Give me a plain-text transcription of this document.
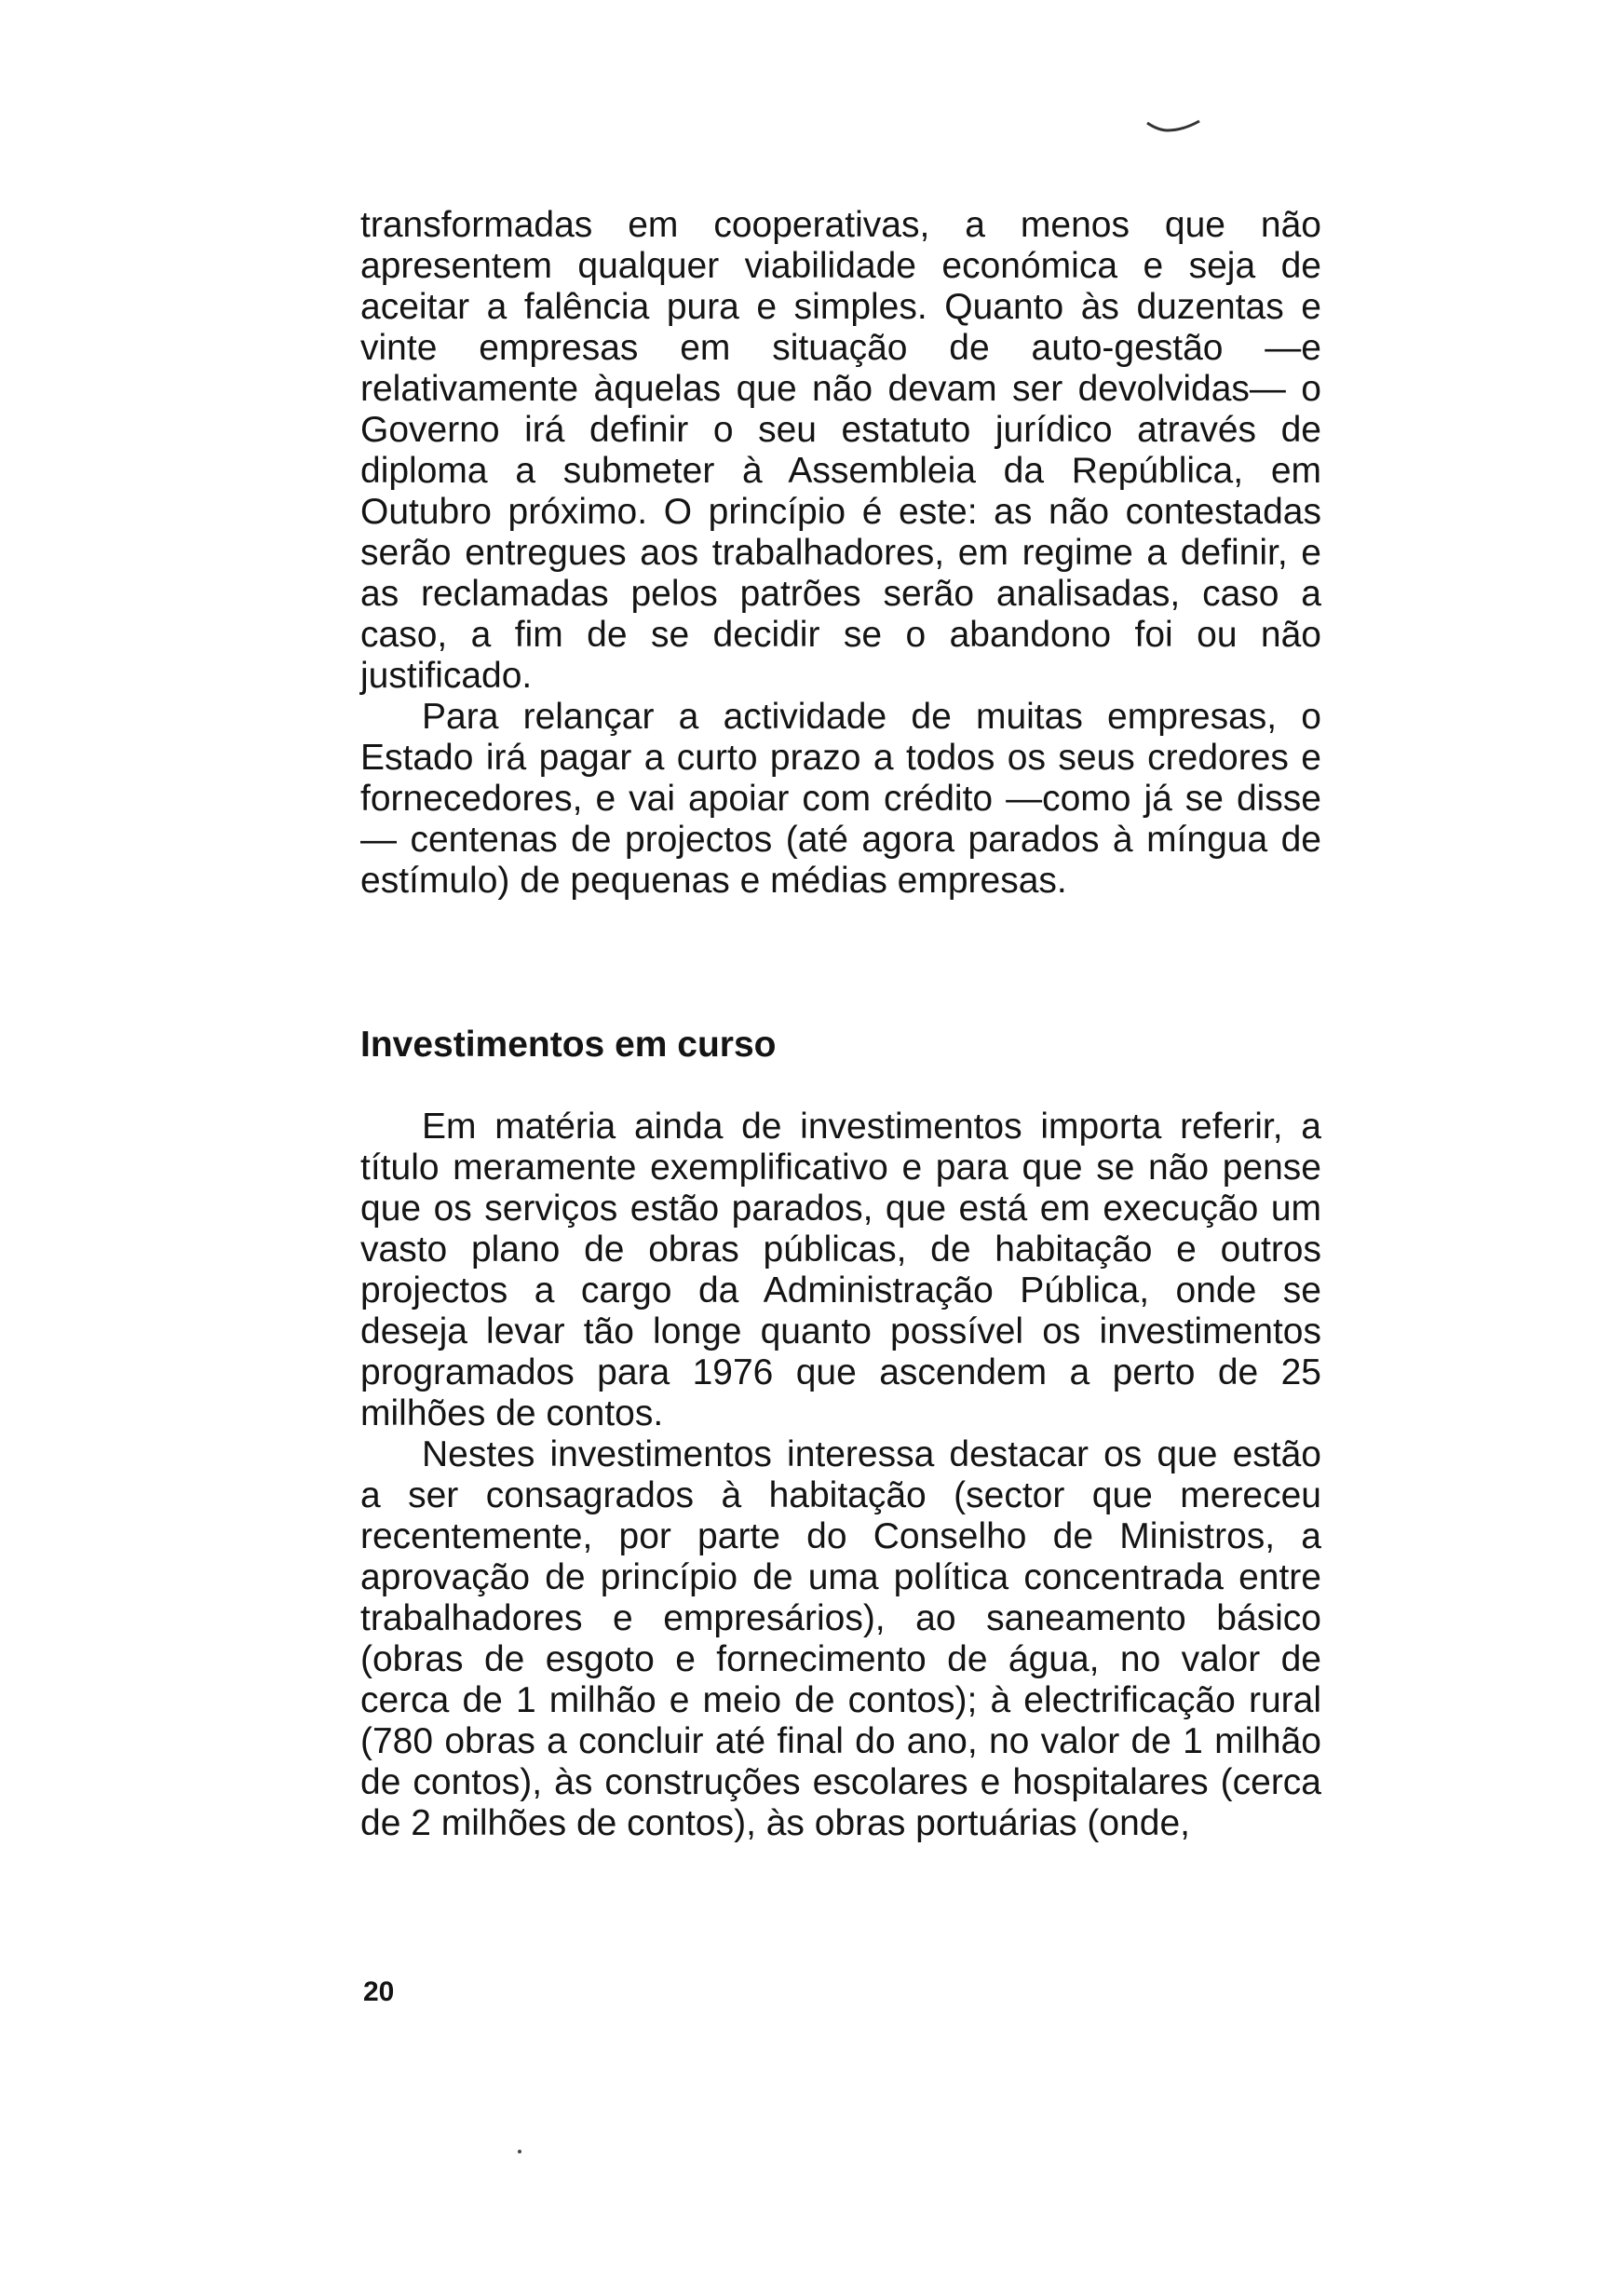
transformadas em cooperativas, a menos que não apresentem qualquer viabilidade económica e seja de aceitar a falência pura e simples. Quanto às duzentas e vinte empresas em situação de auto-gestão —e relativamente àquelas que não devam ser devolvidas— o Governo irá definir o seu estatuto jurídico através de diploma a submeter à Assembleia da República, em Outubro próximo. O princípio é este: as não contestadas serão entregues aos trabalhadores, em regime a definir, e as reclamadas pelos patrões serão analisadas, caso a caso, a fim de se decidir se o abandono foi ou não justificado.

Para relançar a actividade de muitas empresas, o Estado irá pagar a curto prazo a todos os seus credores e fornecedores, e vai apoiar com crédito —como já se disse— centenas de projectos (até agora parados à míngua de estímulo) de pequenas e médias empresas.

Investimentos em curso

Em matéria ainda de investimentos importa referir, a título meramente exemplificativo e para que se não pense que os serviços estão parados, que está em execução um vasto plano de obras públicas, de habitação e outros projectos a cargo da Administração Pública, onde se deseja levar tão longe quanto possível os investimentos programados para 1976 que ascendem a perto de 25 milhões de contos.

Nestes investimentos interessa destacar os que estão a ser consagrados à habitação (sector que mereceu recentemente, por parte do Conselho de Ministros, a aprovação de princípio de uma política concentrada entre trabalhadores e empresários), ao saneamento básico (obras de esgoto e fornecimento de água, no valor de cerca de 1 milhão e meio de contos); à electrificação rural (780 obras a concluir até final do ano, no valor de 1 milhão de contos), às construções escolares e hospitalares (cerca de 2 milhões de contos), às obras portuárias (onde,

20
